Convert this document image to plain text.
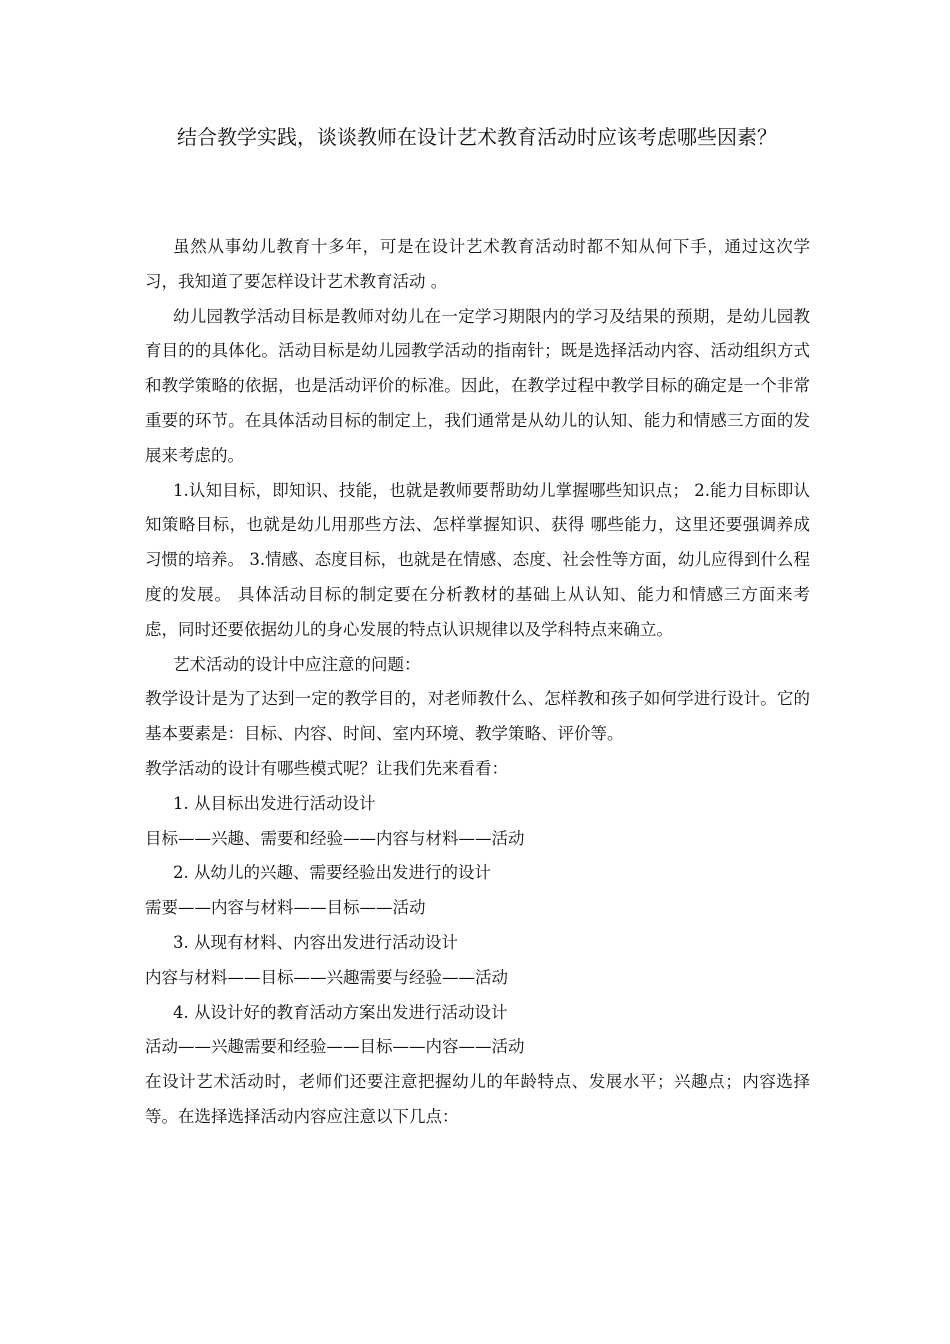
结合教学实践，谈谈教师在设计艺术教育活动时应该考虑哪些因素？

虽然从事幼儿教育十多年，可是在设计艺术教育活动时都不知从何下手，通过这次学习，我知道了要怎样设计艺术教育活动 。

幼儿园教学活动目标是教师对幼儿在一定学习期限内的学习及结果的预期，是幼儿园教育目的的具体化。活动目标是幼儿园教学活动的指南针；既是选择活动内容、活动组织方式和教学策略的依据，也是活动评价的标准。因此，在教学过程中教学目标的确定是一个非常重要的环节。在具体活动目标的制定上，我们通常是从幼儿的认知、能力和情感三方面的发展来考虑的。

1.认知目标，即知识、技能，也就是教师要帮助幼儿掌握哪些知识点； 2.能力目标即认知策略目标，也就是幼儿用那些方法、怎样掌握知识、获得 哪些能力，这里还要强调养成习惯的培养。 3.情感、态度目标，也就是在情感、态度、社会性等方面，幼儿应得到什么程度的发展。 具体活动目标的制定要在分析教材的基础上从认知、能力和情感三方面来考虑，同时还要依据幼儿的身心发展的特点认识规律以及学科特点来确立。

艺术活动的设计中应注意的问题：

教学设计是为了达到一定的教学目的，对老师教什么、怎样教和孩子如何学进行设计。它的基本要素是：目标、内容、时间、室内环境、教学策略、评价等。

教学活动的设计有哪些模式呢？让我们先来看看：

1. 从目标出发进行活动设计

目标——兴趣、需要和经验——内容与材料——活动

2. 从幼儿的兴趣、需要经验出发进行的设计

需要——内容与材料——目标——活动

3. 从现有材料、内容出发进行活动设计

内容与材料——目标——兴趣需要与经验——活动

4. 从设计好的教育活动方案出发进行活动设计

活动——兴趣需要和经验——目标——内容——活动

在设计艺术活动时，老师们还要注意把握幼儿的年龄特点、发展水平；兴趣点；内容选择等。在选择选择活动内容应注意以下几点：
